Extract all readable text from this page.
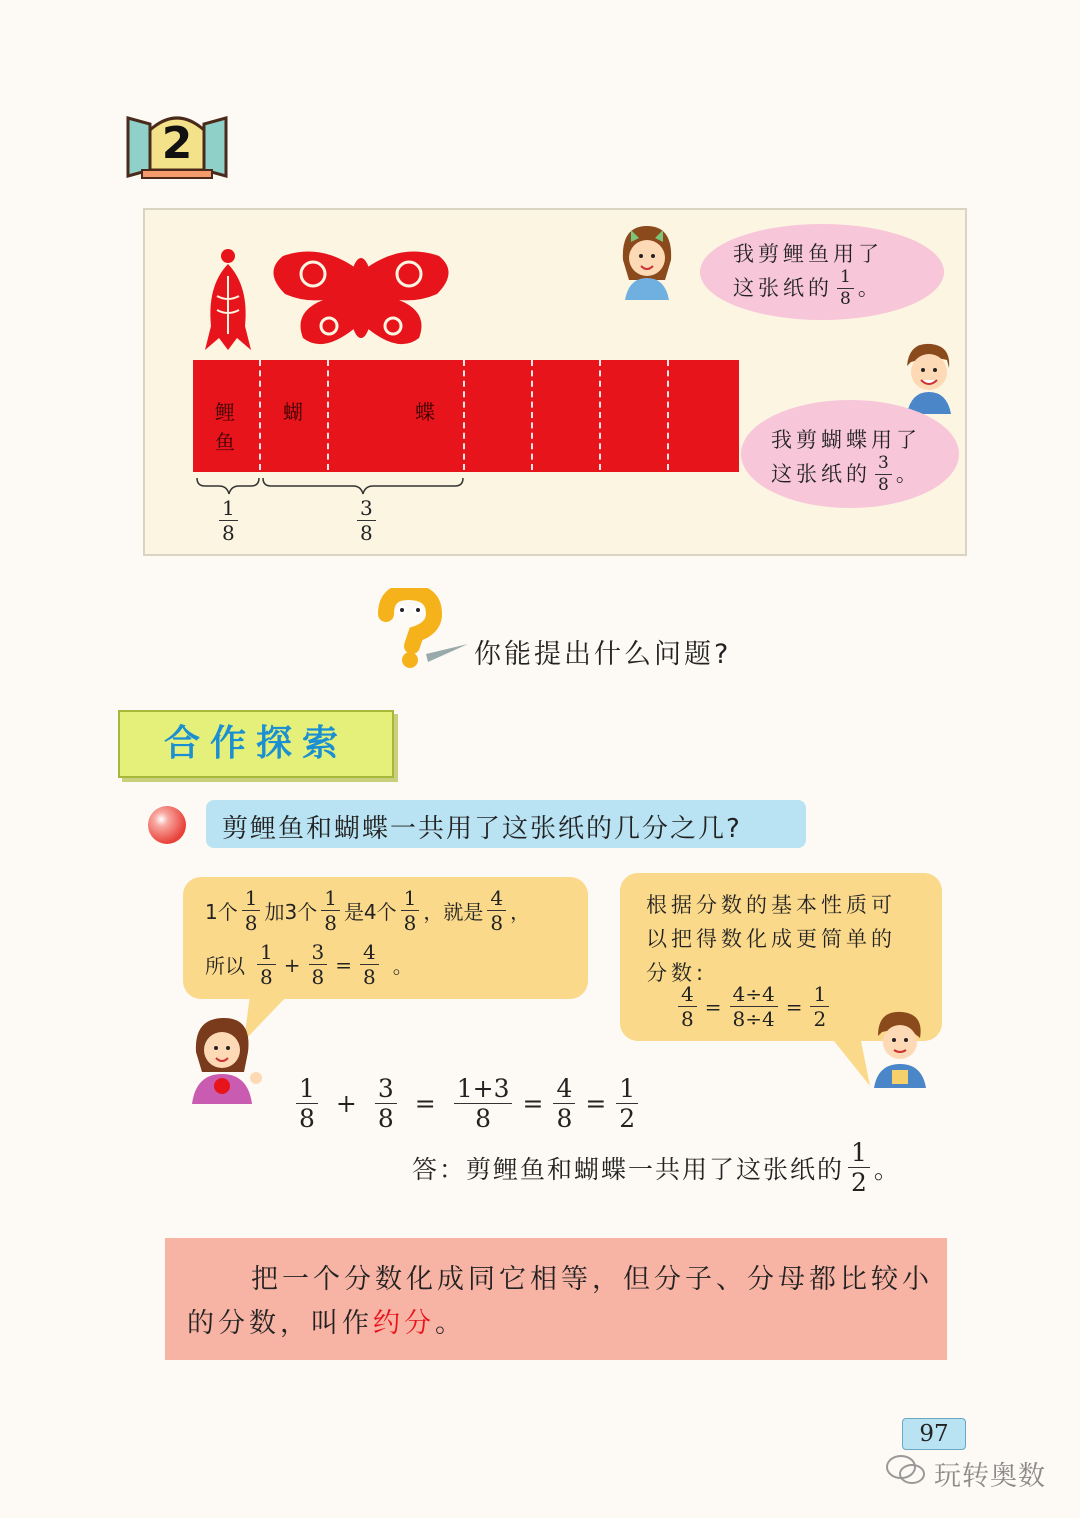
2
鲤
鱼
蝴	蝶
$\frac{1}{8}$	$\frac{3}{8}$
我剪鲤鱼用了
这张纸的 $\frac{1}{8}$ 。
我剪蝴蝶用了
这张纸的 $\frac{3}{8}$ 。
你能提出什么问题?
合作探索
剪鲤鱼和蝴蝶一共用了这张纸的几分之几?
1个 $\frac{1}{8}$ 加3个 $\frac{1}{8}$ 是4个 $\frac{1}{8}$ ，就是 $\frac{4}{8}$ ，
所以 $\frac{1}{8} + \frac{3}{8} = \frac{4}{8}$ 。
根据分数的基本性质可
以把得数化成更简单的
分数:
$\frac{4}{8} = \frac{4\div 4}{8\div 4} = \frac{1}{2}$
$\frac{1}{8} + \frac{3}{8} = \frac{1+3}{8} = \frac{4}{8} = \frac{1}{2}$
答：剪鲤鱼和蝴蝶一共用了这张纸的 $\frac{1}{2}$ 。
把一个分数化成同它相等，但分子、分母都比较小
的分数，叫作约分。
97
玩转奥数
